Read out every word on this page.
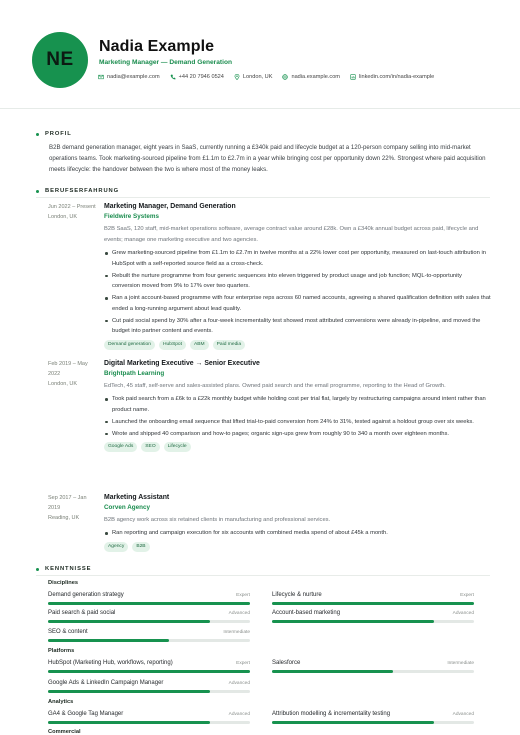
NE
Nadia Example
Marketing Manager — Demand Generation
nadia@example.com	+44 20 7946 0524	London, UK	nadia.example.com	linkedin.com/in/nadia-example
PROFIL
B2B demand generation manager, eight years in SaaS, currently running a £340k paid and lifecycle budget at a 120-person company selling into mid-market operations teams. Took marketing-sourced pipeline from £1.1m to £2.7m in a year while bringing cost per opportunity down 22%. Strongest where paid acquisition meets lifecycle: the handover between the two is where most of the money leaks.
BERUFSERFAHRUNG
Jun 2022 – Present
London, UK
Marketing Manager, Demand Generation
Fieldwire Systems
B2B SaaS, 120 staff, mid-market operations software, average contract value around £28k. Own a £340k annual budget across paid, lifecycle and events; manage one marketing executive and two agencies.
Grew marketing-sourced pipeline from £1.1m to £2.7m in twelve months at a 22% lower cost per opportunity, measured on last-touch attribution in HubSpot with a self-reported source field as a cross-check.
Rebuilt the nurture programme from four generic sequences into eleven triggered by product usage and job function; MQL-to-opportunity conversion moved from 9% to 17% over two quarters.
Ran a joint account-based programme with four enterprise reps across 60 named accounts, agreeing a shared qualification definition with sales that ended a long-running argument about lead quality.
Cut paid social spend by 30% after a four-week incrementality test showed most attributed conversions were already in-pipeline, and moved the budget into partner content and events.
Demand generation	HubSpot	ABM	Paid media
Feb 2019 – May 2022
London, UK
Digital Marketing Executive → Senior Executive
Brightpath Learning
EdTech, 45 staff, self-serve and sales-assisted plans. Owned paid search and the email programme, reporting to the Head of Growth.
Took paid search from a £6k to a £22k monthly budget while holding cost per trial flat, largely by restructuring campaigns around intent rather than product name.
Launched the onboarding email sequence that lifted trial-to-paid conversion from 24% to 31%, tested against a holdout group over six weeks.
Wrote and shipped 40 comparison and how-to pages; organic sign-ups grew from roughly 90 to 340 a month over eighteen months.
Google Ads	SEO	Lifecycle
Sep 2017 – Jan 2019
Reading, UK
Marketing Assistant
Corven Agency
B2B agency work across six retained clients in manufacturing and professional services.
Ran reporting and campaign execution for six accounts with combined media spend of about £45k a month.
Agency	B2B
KENNTNISSE
Disciplines
Demand generation strategy	Expert	Lifecycle & nurture	Expert
Paid search & paid social	Advanced	Account-based marketing	Advanced
SEO & content	Intermediate
Platforms
HubSpot (Marketing Hub, workflows, reporting)	Expert	Salesforce	Intermediate
Google Ads & LinkedIn Campaign Manager	Advanced
Analytics
GA4 & Google Tag Manager	Advanced	Attribution modelling & incrementality testing	Advanced
Commercial
